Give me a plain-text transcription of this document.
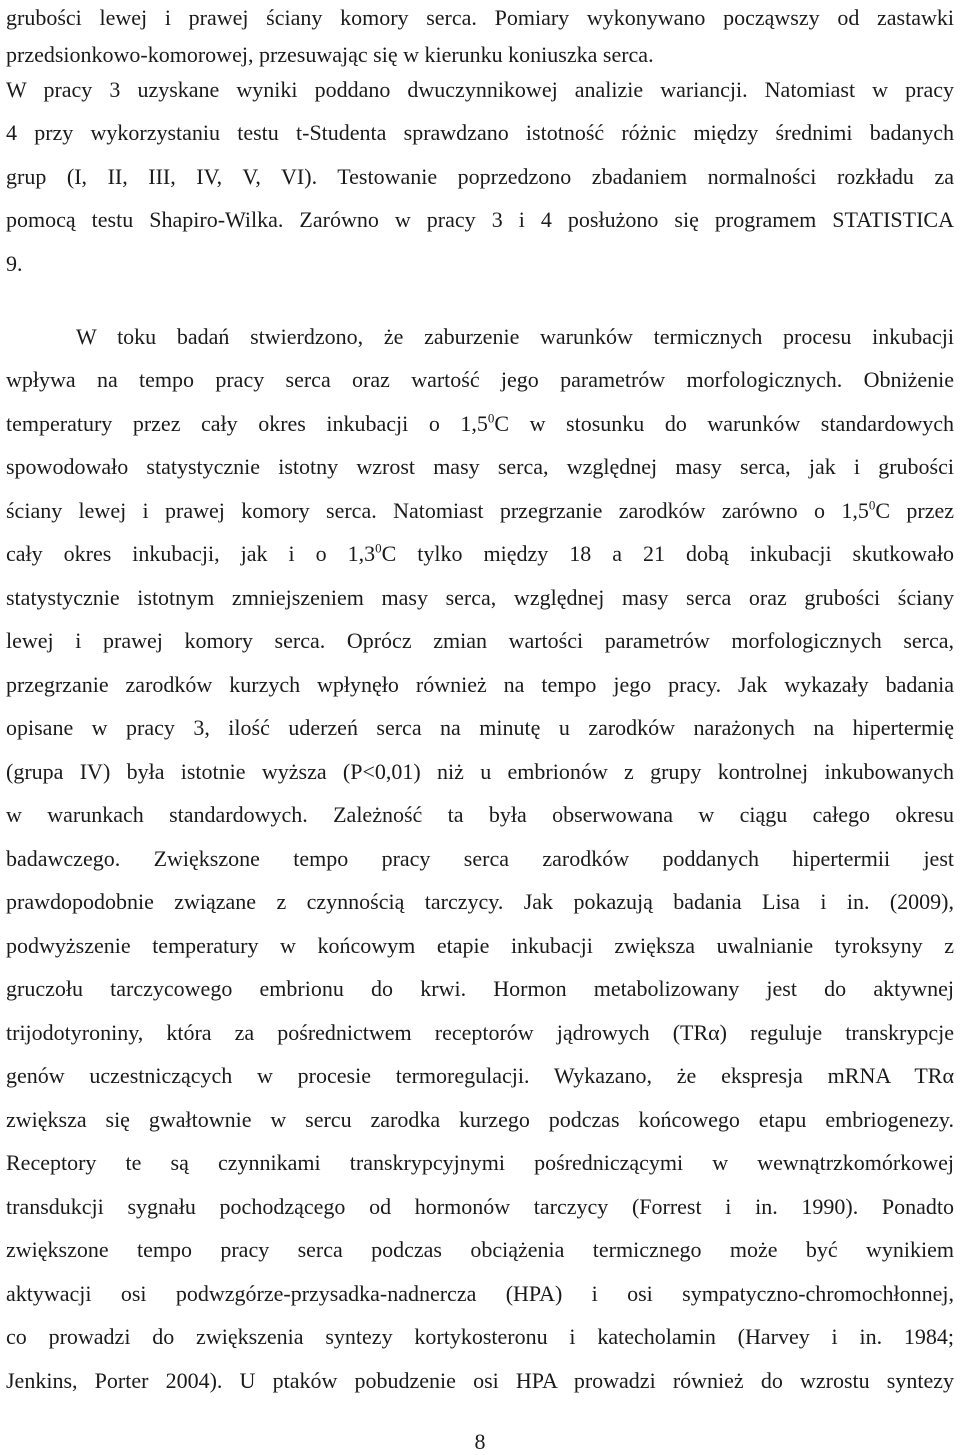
grubości lewej i prawej ściany komory serca. Pomiary wykonywano począwszy od zastawki
przedsionkowo-komorowej, przesuwając się w kierunku koniuszka serca.
W pracy 3 uzyskane wyniki poddano dwuczynnikowej analizie wariancji. Natomiast w pracy
4 przy wykorzystaniu testu t-Studenta sprawdzano istotność różnic między średnimi badanych
grup (I, II, III, IV, V, VI). Testowanie poprzedzono zbadaniem normalności rozkładu za
pomocą testu Shapiro-Wilka. Zarówno w pracy 3 i 4 posłużono się programem STATISTICA
9.
W toku badań stwierdzono, że zaburzenie warunków termicznych procesu inkubacji
wpływa na tempo pracy serca oraz wartość jego parametrów morfologicznych. Obniżenie
temperatury przez cały okres inkubacji o $1,5^0C$ w stosunku do warunków standardowych
spowodowało statystycznie istotny wzrost masy serca, względnej masy serca, jak i grubości
ściany lewej i prawej komory serca. Natomiast przegrzanie zarodków zarówno o $1,5^0C$ przez
cały okres inkubacji, jak i o $1,3^0C$ tylko między 18 a 21 dobą inkubacji skutkowało
statystycznie istotnym zmniejszeniem masy serca, względnej masy serca oraz grubości ściany
lewej i prawej komory serca. Oprócz zmian wartości parametrów morfologicznych serca,
przegrzanie zarodków kurzych wpłynęło również na tempo jego pracy. Jak wykazały badania
opisane w pracy 3, ilość uderzeń serca na minutę u zarodków narażonych na hipertermię
(grupa IV) była istotnie wyższa (P<0,01) niż u embrionów z grupy kontrolnej inkubowanych
w warunkach standardowych. Zależność ta była obserwowana w ciągu całego okresu
badawczego. Zwiększone tempo pracy serca zarodków poddanych hipertermii jest
prawdopodobnie związane z czynnością tarczycy. Jak pokazują badania Lisa i in. (2009),
podwyższenie temperatury w końcowym etapie inkubacji zwiększa uwalnianie tyroksyny z
gruczołu tarczycowego embrionu do krwi. Hormon metabolizowany jest do aktywnej
trijodotyroniny, która za pośrednictwem receptorów jądrowych (TRα) reguluje transkrypcje
genów uczestniczących w procesie termoregulacji. Wykazano, że ekspresja mRNA TRα
zwiększa się gwałtownie w sercu zarodka kurzego podczas końcowego etapu embriogenezy.
Receptory te są czynnikami transkrypcyjnymi pośredniczącymi w wewnątrzkomórkowej
transdukcji sygnału pochodzącego od hormonów tarczycy (Forrest i in. 1990). Ponadto
zwiększone tempo pracy serca podczas obciążenia termicznego może być wynikiem
aktywacji osi podwzgórze-przysadka-nadnercza (HPA) i osi sympatyczno-chromochłonnej,
co prowadzi do zwiększenia syntezy kortykosteronu i katecholamin (Harvey i in. 1984;
Jenkins, Porter 2004). U ptaków pobudzenie osi HPA prowadzi również do wzrostu syntezy
8
